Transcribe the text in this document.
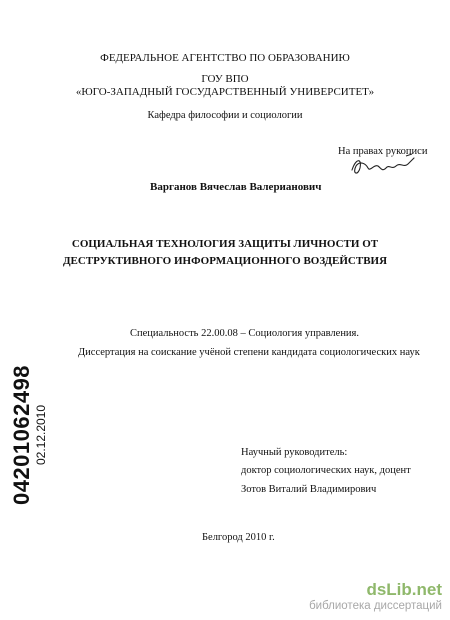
ФЕДЕРАЛЬНОЕ АГЕНТСТВО ПО ОБРАЗОВАНИЮ
ГОУ ВПО
«ЮГО-ЗАПАДНЫЙ ГОСУДАРСТВЕННЫЙ УНИВЕРСИТЕТ»
Кафедра философии и социологии
На правах рукописи
Варганов Вячеслав Валерианович
СОЦИАЛЬНАЯ ТЕХНОЛОГИЯ ЗАЩИТЫ ЛИЧНОСТИ ОТ
ДЕСТРУКТИВНОГО ИНФОРМАЦИОННОГО ВОЗДЕЙСТВИЯ
Специальность 22.00.08 – Социология управления.
Диссертация на соискание учёной степени кандидата социологических наук
Научный руководитель:
доктор социологических наук, доцент
Зотов Виталий Владимирович
Белгород 2010 г.
04201062498 02.12.2010
dsLib.net
библиотека диссертаций
